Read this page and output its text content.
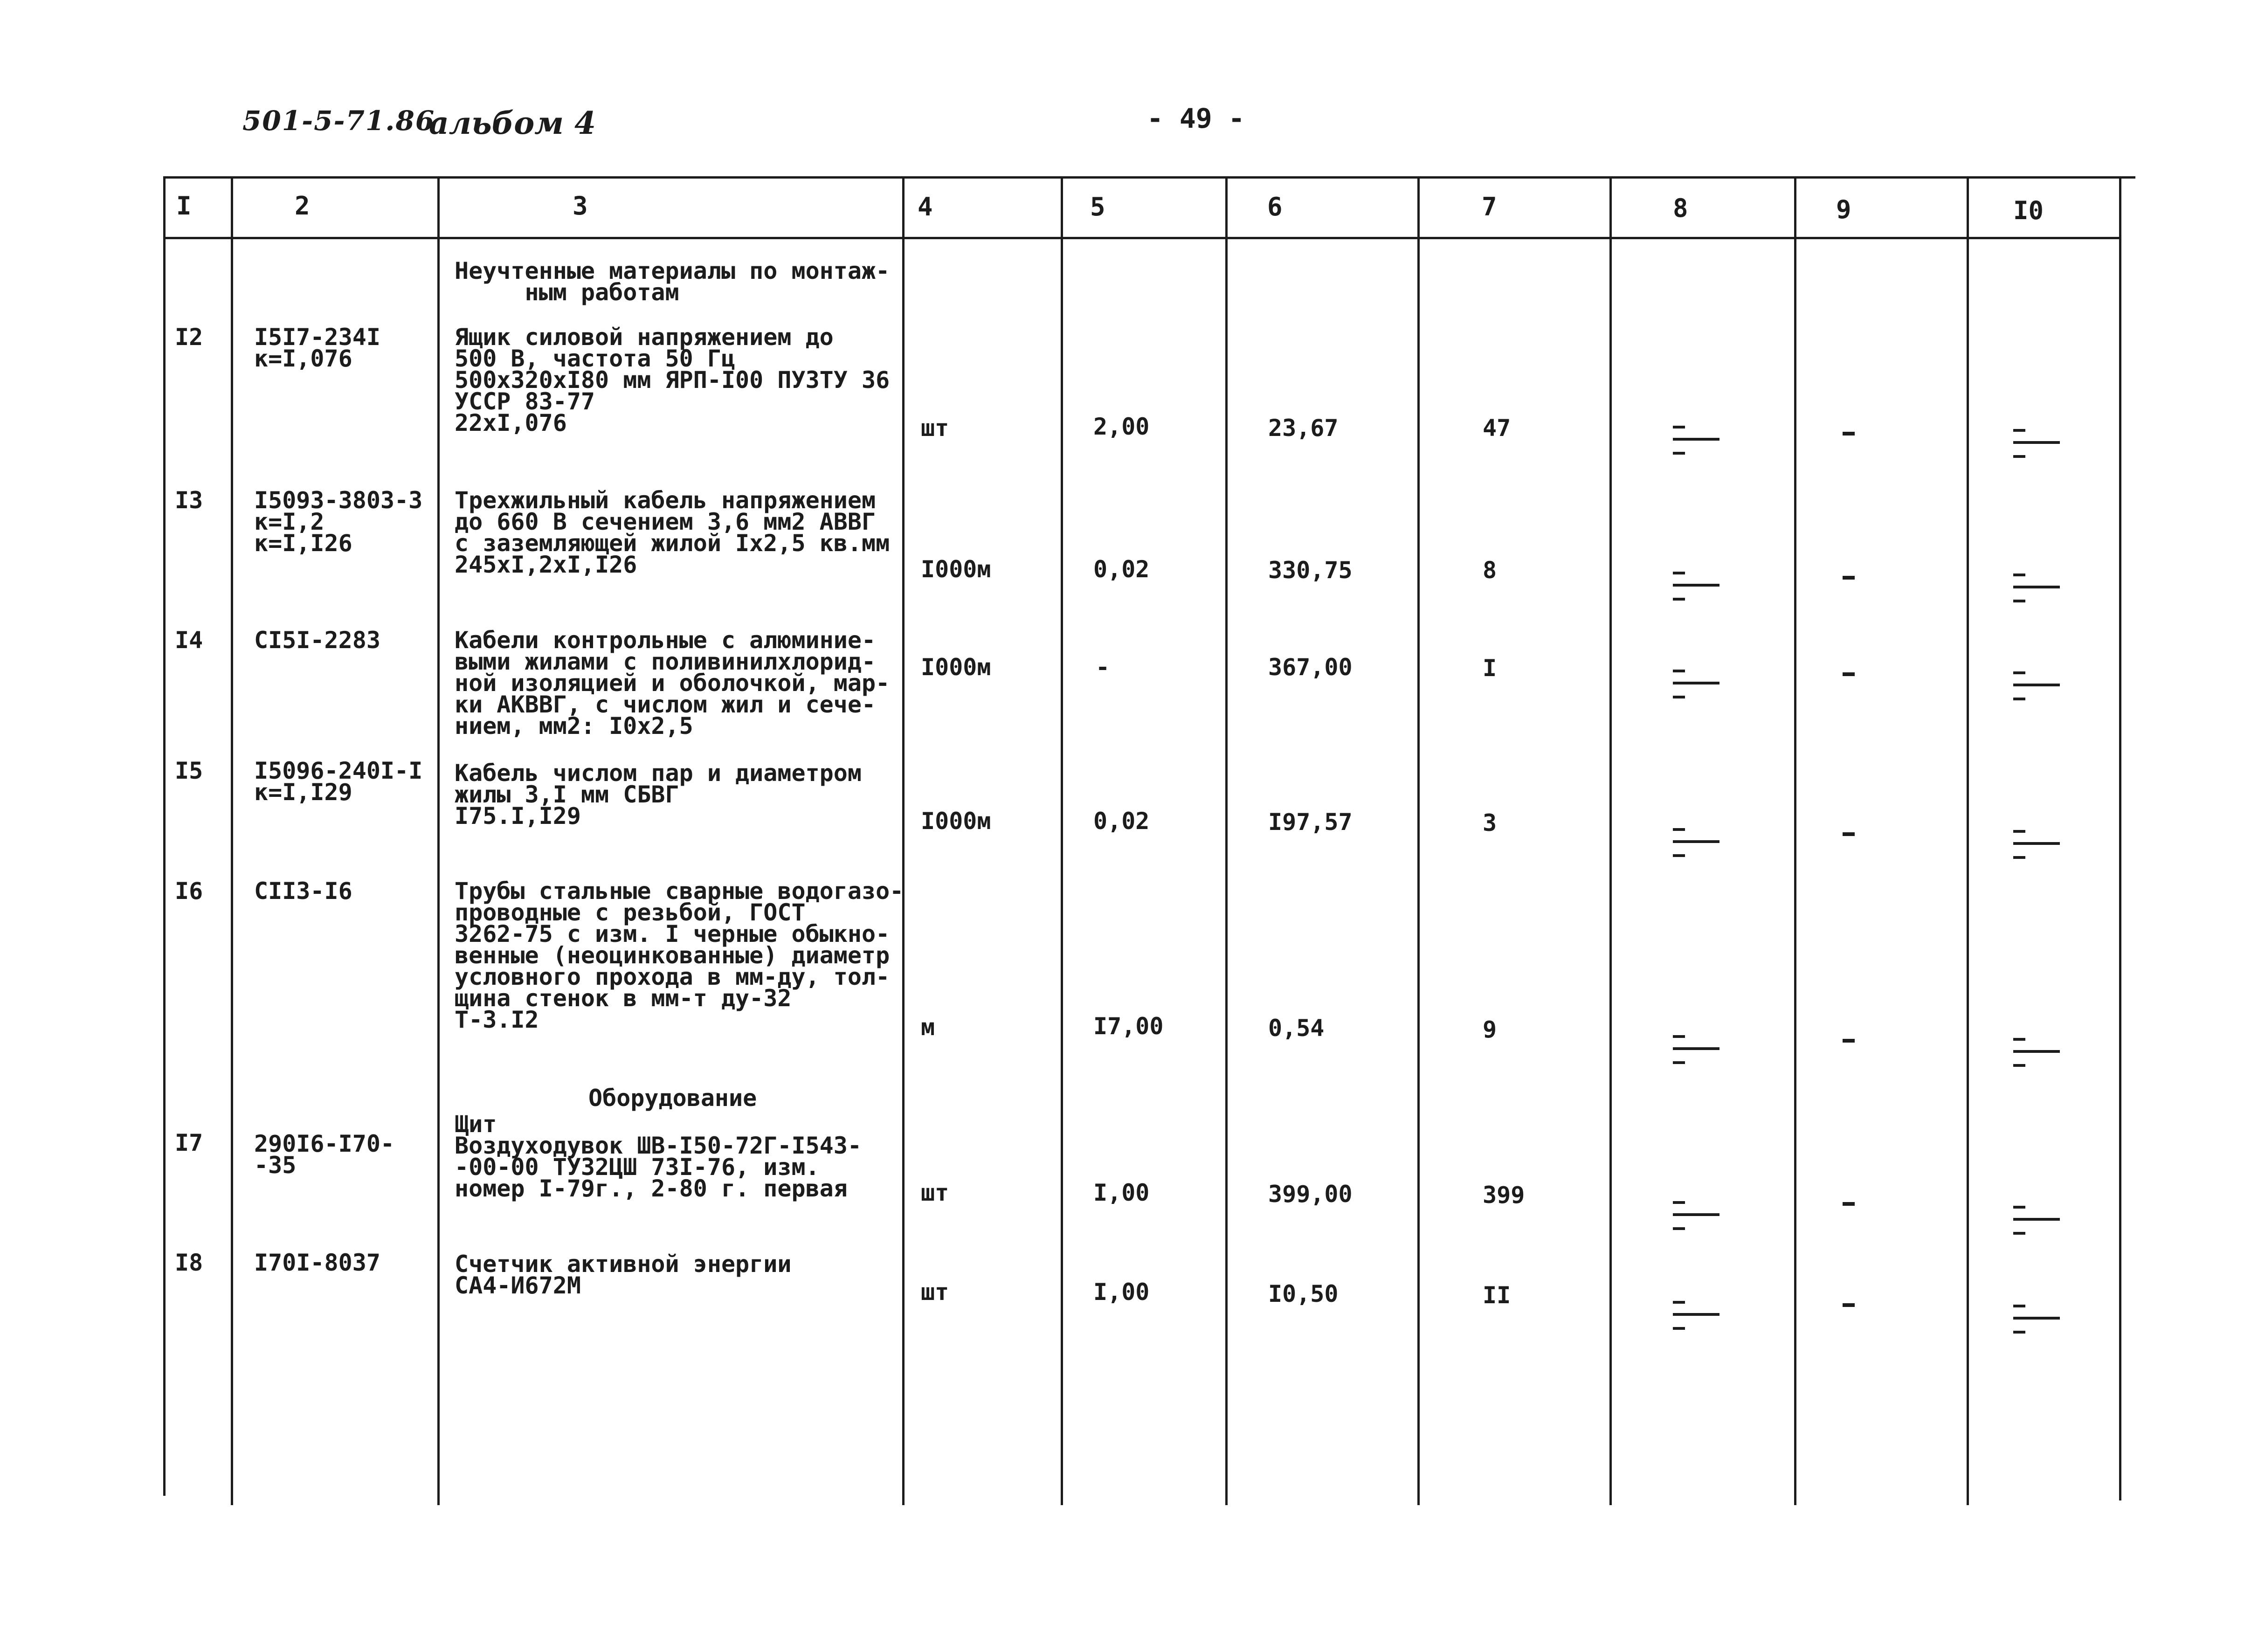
501-5-71.86
альбом 4	- 49 -
I	2	3	4	5	6	7	8	9	I0
Неучтенные материалы по монтаж-
ным работам
I2 I5I7-234I
к=I,076
Ящик силовой напряжением до
500 В, частота 50 Гц
500x320xI80 мм ЯРП-I00 ПУЗТУ 36
УССР 83-77
22xI,076	шт	2,00	23,67	47
I3 I5093-3803-3
к=I,2
к=I,I26
Трехжильный кабель напряжением
до 660 В сечением 3,6 мм2 АВВГ
с заземляющей жилой Iх2,5 кв.мм
245xI,2xI,I26	I000м	0,02	330,75	8
I4 CI5I-2283	Кабели контрольные с алюминие-
выми жилами с поливинилхлорид-
ной изоляцией и оболочкой, мар-
ки АКВВГ, с числом жил и сече-
нием, мм2: I0x2,5
I000м	-	367,00	I
I5 I5096-240I-I
к=I,I29
Кабель числом пар и диаметром
жилы 3,I мм СБВГ
I75.I,I29	I000м	0,02	I97,57	3
I6 CII3-I6	Трубы стальные сварные водогазо-
проводные с резьбой, ГОСТ
3262-75 с изм. I черные обыкно-
венные (неоцинкованные) диаметр
условного прохода в мм-ду, тол-
щина стенок в мм-т ду-32
Т-3.I2	м	I7,00	0,54	9
Оборудование
I7 290I6-I70-
-35
Щит
Воздуходувок ШВ-I50-72Г-I543-
-00-00 ТУ32ЦШ 73I-76, изм.
номер I-79г., 2-80 г. первая	шт	I,00	399,00	399
I8 I70I-8037	Счетчик активной энергии
СА4-И672М	шт	I,00	I0,50	II
